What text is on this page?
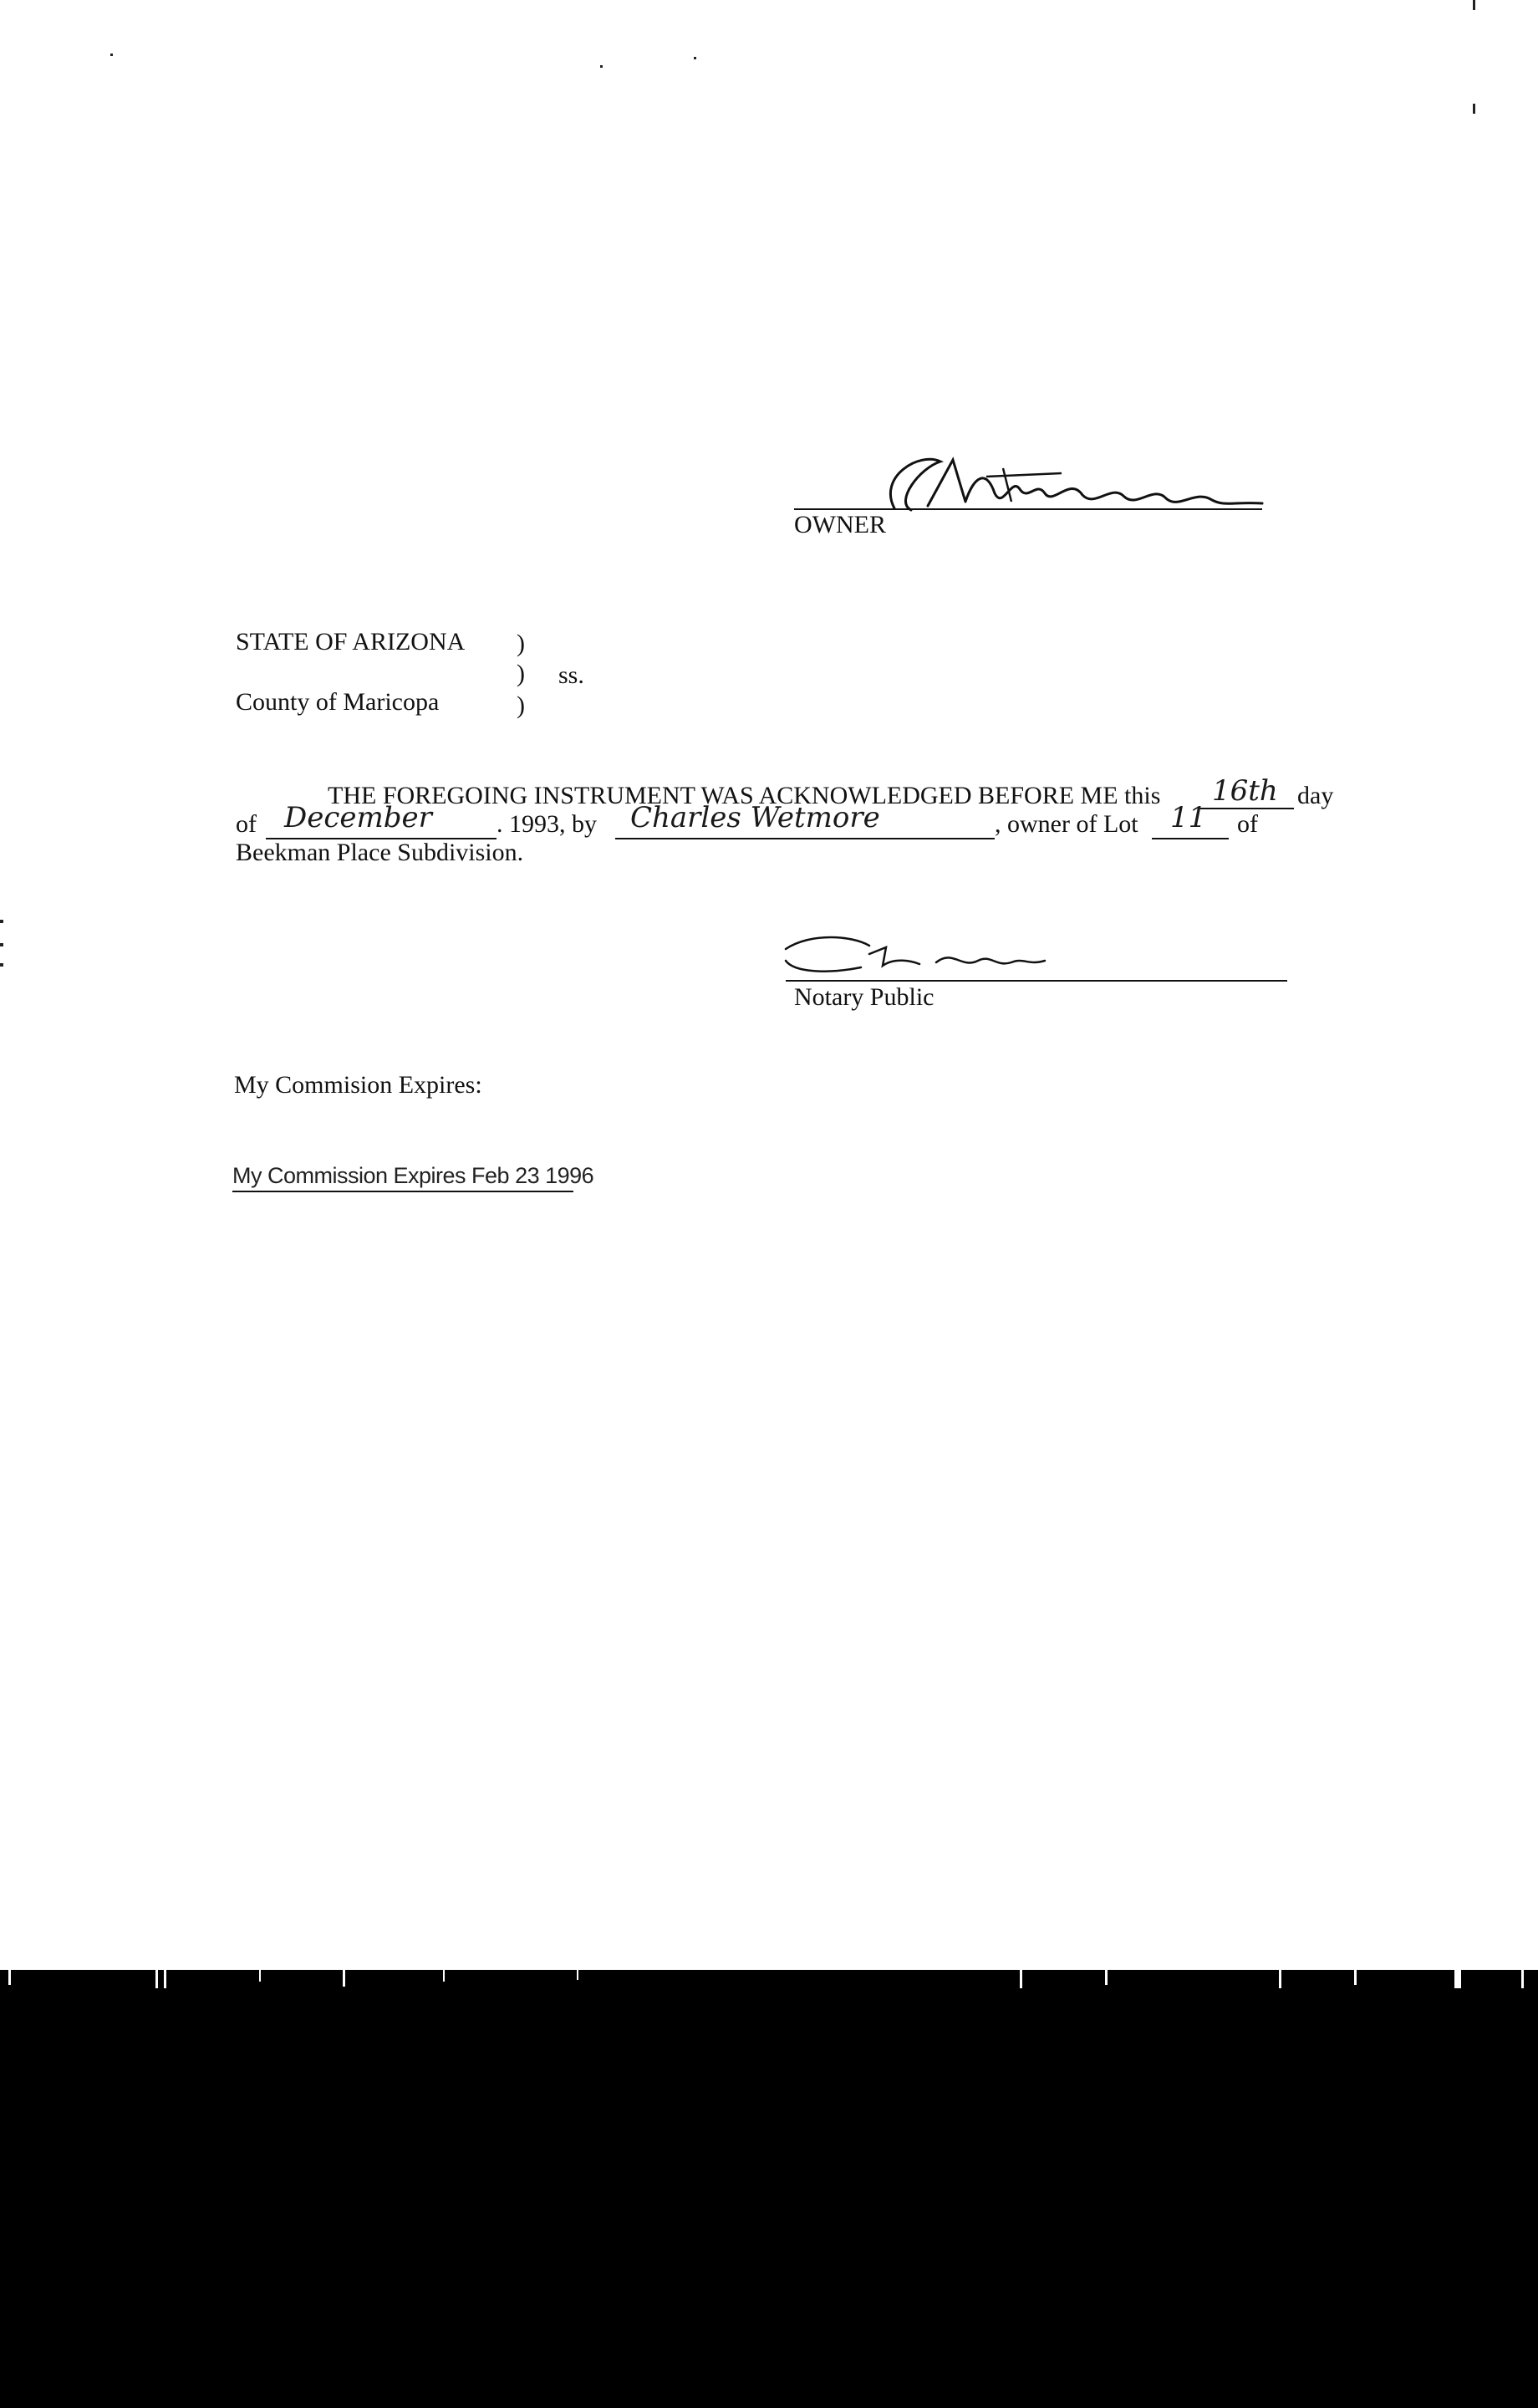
OWNER
STATE OF ARIZONA )
) ss.
County of Maricopa	)
THE FOREGOING INSTRUMENT WAS ACKNOWLEDGED BEFORE ME this 16th day
of December	. 1993, by Charles Wetmore	, owner of Lot 11 of
Beekman Place Subdivision.
Notary Public
My Commision Expires:
My Commission Expires Feb 23 1996
